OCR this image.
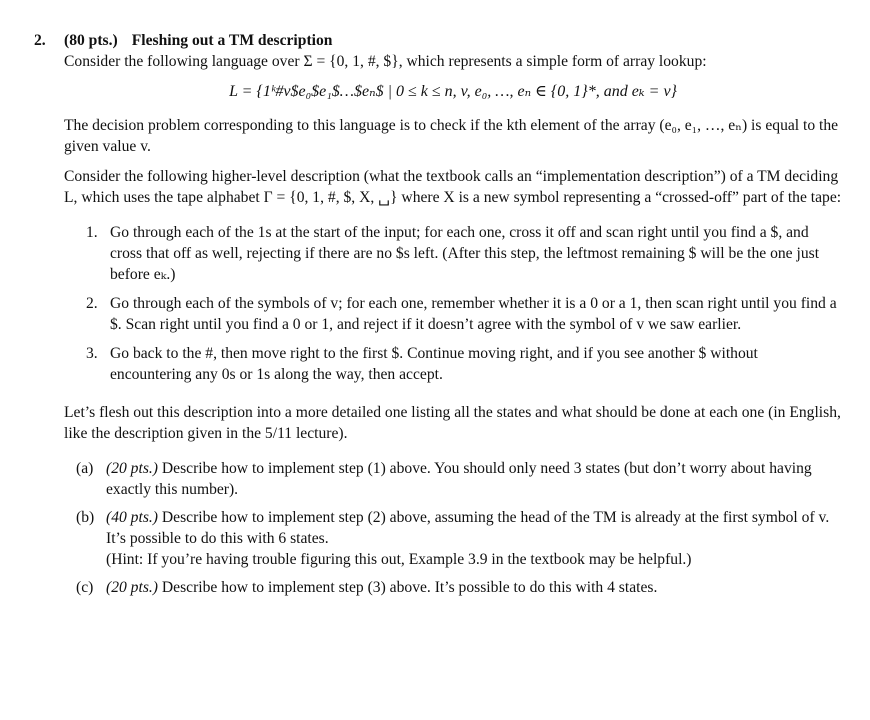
2.	(80 pts.) Fleshing out a TM description
Consider the following language over Σ = {0, 1, #, $}, which represents a simple form of array lookup:
L = {1ᵏ#v$e₀$e₁$…$eₙ$ | 0 ≤ k ≤ n, v, e₀, …, eₙ ∈ {0, 1}*, and eₖ = v}
The decision problem corresponding to this language is to check if the kth element of the array (e₀, e₁, …, eₙ) is equal to the given value v.
Consider the following higher-level description (what the textbook calls an “implementation description”) of a TM deciding L, which uses the tape alphabet Γ = {0, 1, #, $, X, ␣} where X is a new symbol representing a “crossed-off” part of the tape:
1. Go through each of the 1s at the start of the input; for each one, cross it off and scan right until you find a $, and cross that off as well, rejecting if there are no $s left. (After this step, the leftmost remaining $ will be the one just before eₖ.)
2. Go through each of the symbols of v; for each one, remember whether it is a 0 or a 1, then scan right until you find a $. Scan right until you find a 0 or 1, and reject if it doesn’t agree with the symbol of v we saw earlier.
3. Go back to the #, then move right to the first $. Continue moving right, and if you see another $ without encountering any 0s or 1s along the way, then accept.
Let’s flesh out this description into a more detailed one listing all the states and what should be done at each one (in English, like the description given in the 5/11 lecture).
(a) (20 pts.) Describe how to implement step (1) above. You should only need 3 states (but don’t worry about having exactly this number).
(b) (40 pts.) Describe how to implement step (2) above, assuming the head of the TM is already at the first symbol of v. It’s possible to do this with 6 states.
(Hint: If you’re having trouble figuring this out, Example 3.9 in the textbook may be helpful.)
(c) (20 pts.) Describe how to implement step (3) above. It’s possible to do this with 4 states.
